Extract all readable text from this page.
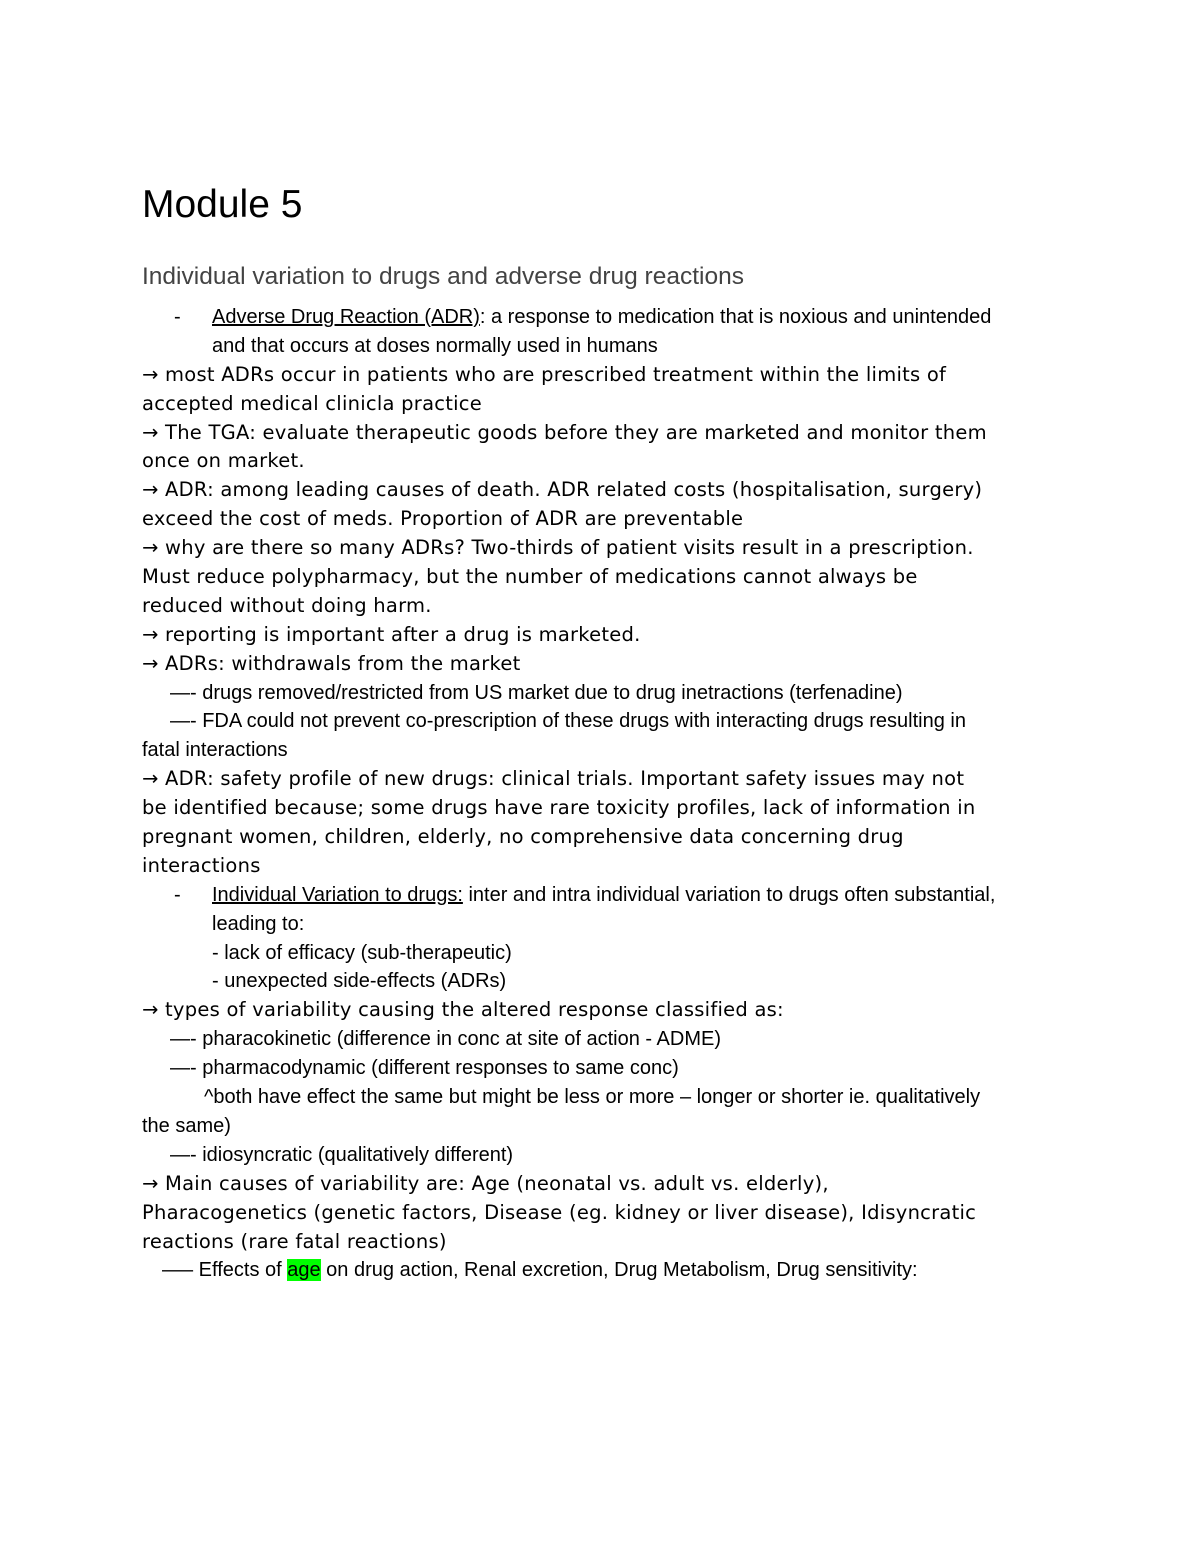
Module 5
Individual variation to drugs and adverse drug reactions
- Adverse Drug Reaction (ADR): a response to medication that is noxious and unintended
and that occurs at doses normally used in humans
→ most ADRs occur in patients who are prescribed treatment within the limits of
accepted medical clinicla practice
→ The TGA: evaluate therapeutic goods before they are marketed and monitor them
once on market.
→ ADR: among leading causes of death. ADR related costs (hospitalisation, surgery)
exceed the cost of meds. Proportion of ADR are preventable
→ why are there so many ADRs? Two-thirds of patient visits result in a prescription.
Must reduce polypharmacy, but the number of medications cannot always be
reduced without doing harm.
→ reporting is important after a drug is marketed.
→ ADRs: withdrawals from the market
—- drugs removed/restricted from US market due to drug inetractions (terfenadine)
—- FDA could not prevent co-prescription of these drugs with interacting drugs resulting in
fatal interactions
→ ADR: safety profile of new drugs: clinical trials. Important safety issues may not
be identified because; some drugs have rare toxicity profiles, lack of information in
pregnant women, children, elderly, no comprehensive data concerning drug
interactions
- Individual Variation to drugs: inter and intra individual variation to drugs often substantial,
leading to:
- lack of efficacy (sub-therapeutic)
- unexpected side-effects (ADRs)
→ types of variability causing the altered response classified as:
—- pharacokinetic (difference in conc at site of action - ADME)
—- pharmacodynamic (different responses to same conc)
^both have effect the same but might be less or more – longer or shorter ie. qualitatively
the same)
—- idiosyncratic (qualitatively different)
→ Main causes of variability are: Age (neonatal vs. adult vs. elderly),
Pharacogenetics (genetic factors, Disease (eg. kidney or liver disease), Idisyncratic
reactions (rare fatal reactions)
—– Effects of age on drug action, Renal excretion, Drug Metabolism, Drug sensitivity:
